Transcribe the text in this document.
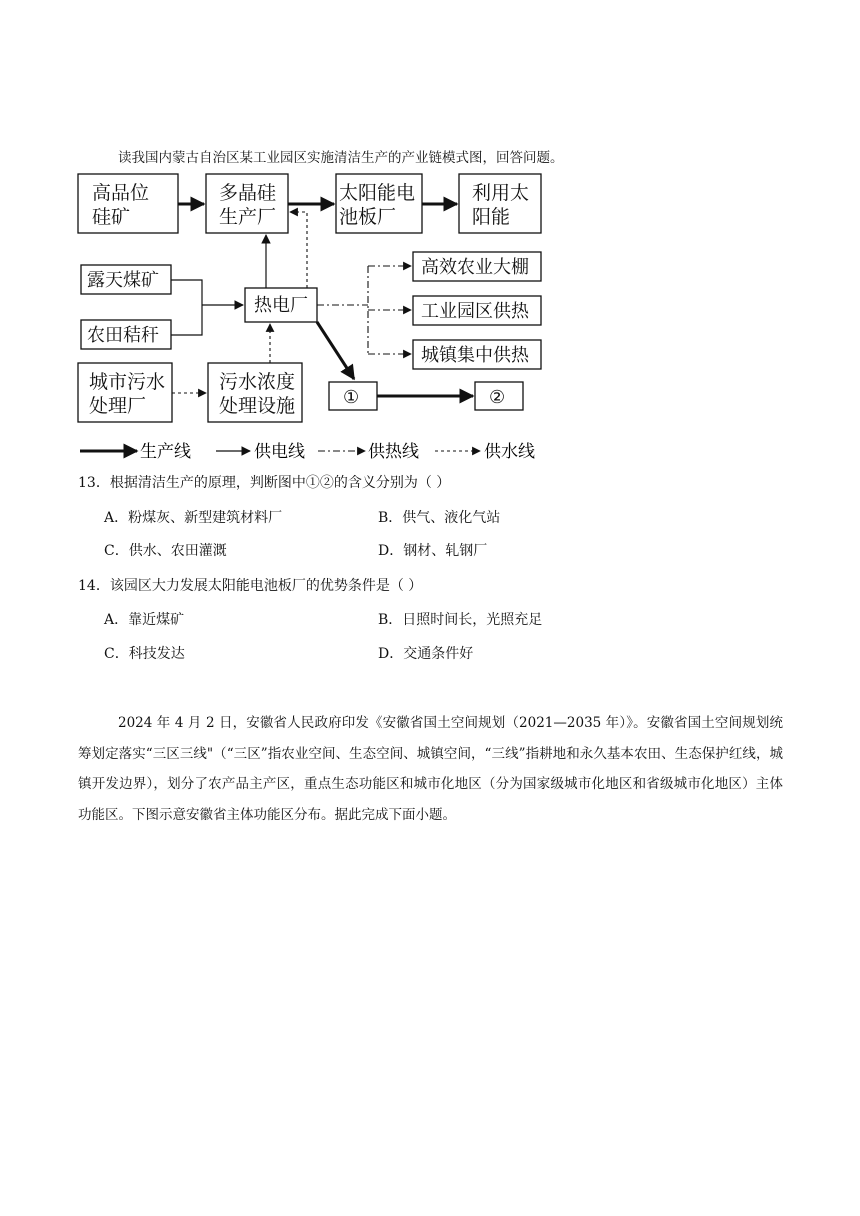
读我国内蒙古自治区某工业园区实施清洁生产的产业链模式图，回答问题。
高品位
硅矿
多晶硅
生产厂
太阳能电
池板厂
利用太
阳能
露天煤矿
农田秸秆
热电厂
城市污水
处理厂
污水浓度
处理设施
高效农业大棚
工业园区供热
城镇集中供热
①	②
生产线	供电线	供热线	供水线
13．根据清洁生产的原理，判断图中①②的含义分别为（ ）
A．粉煤灰、新型建筑材料厂	B．供气、液化气站
C．供水、农田灌溉	D．钢材、轧钢厂
14．该园区大力发展太阳能电池板厂的优势条件是（ ）
A．靠近煤矿	B．日照时间长，光照充足
C．科技发达	D．交通条件好
2024 年 4 月 2 日，安徽省人民政府印发《安徽省国土空间规划（2021—2035 年）》。安徽省国土空间规划统筹划定落实“三区三线"（“三区”指农业空间、生态空间、城镇空间，“三线”指耕地和永久基本农田、生态保护红线，城镇开发边界），划分了农产品主产区，重点生态功能区和城市化地区（分为国家级城市化地区和省级城市化地区）主体功能区。下图示意安徽省主体功能区分布。据此完成下面小题。
